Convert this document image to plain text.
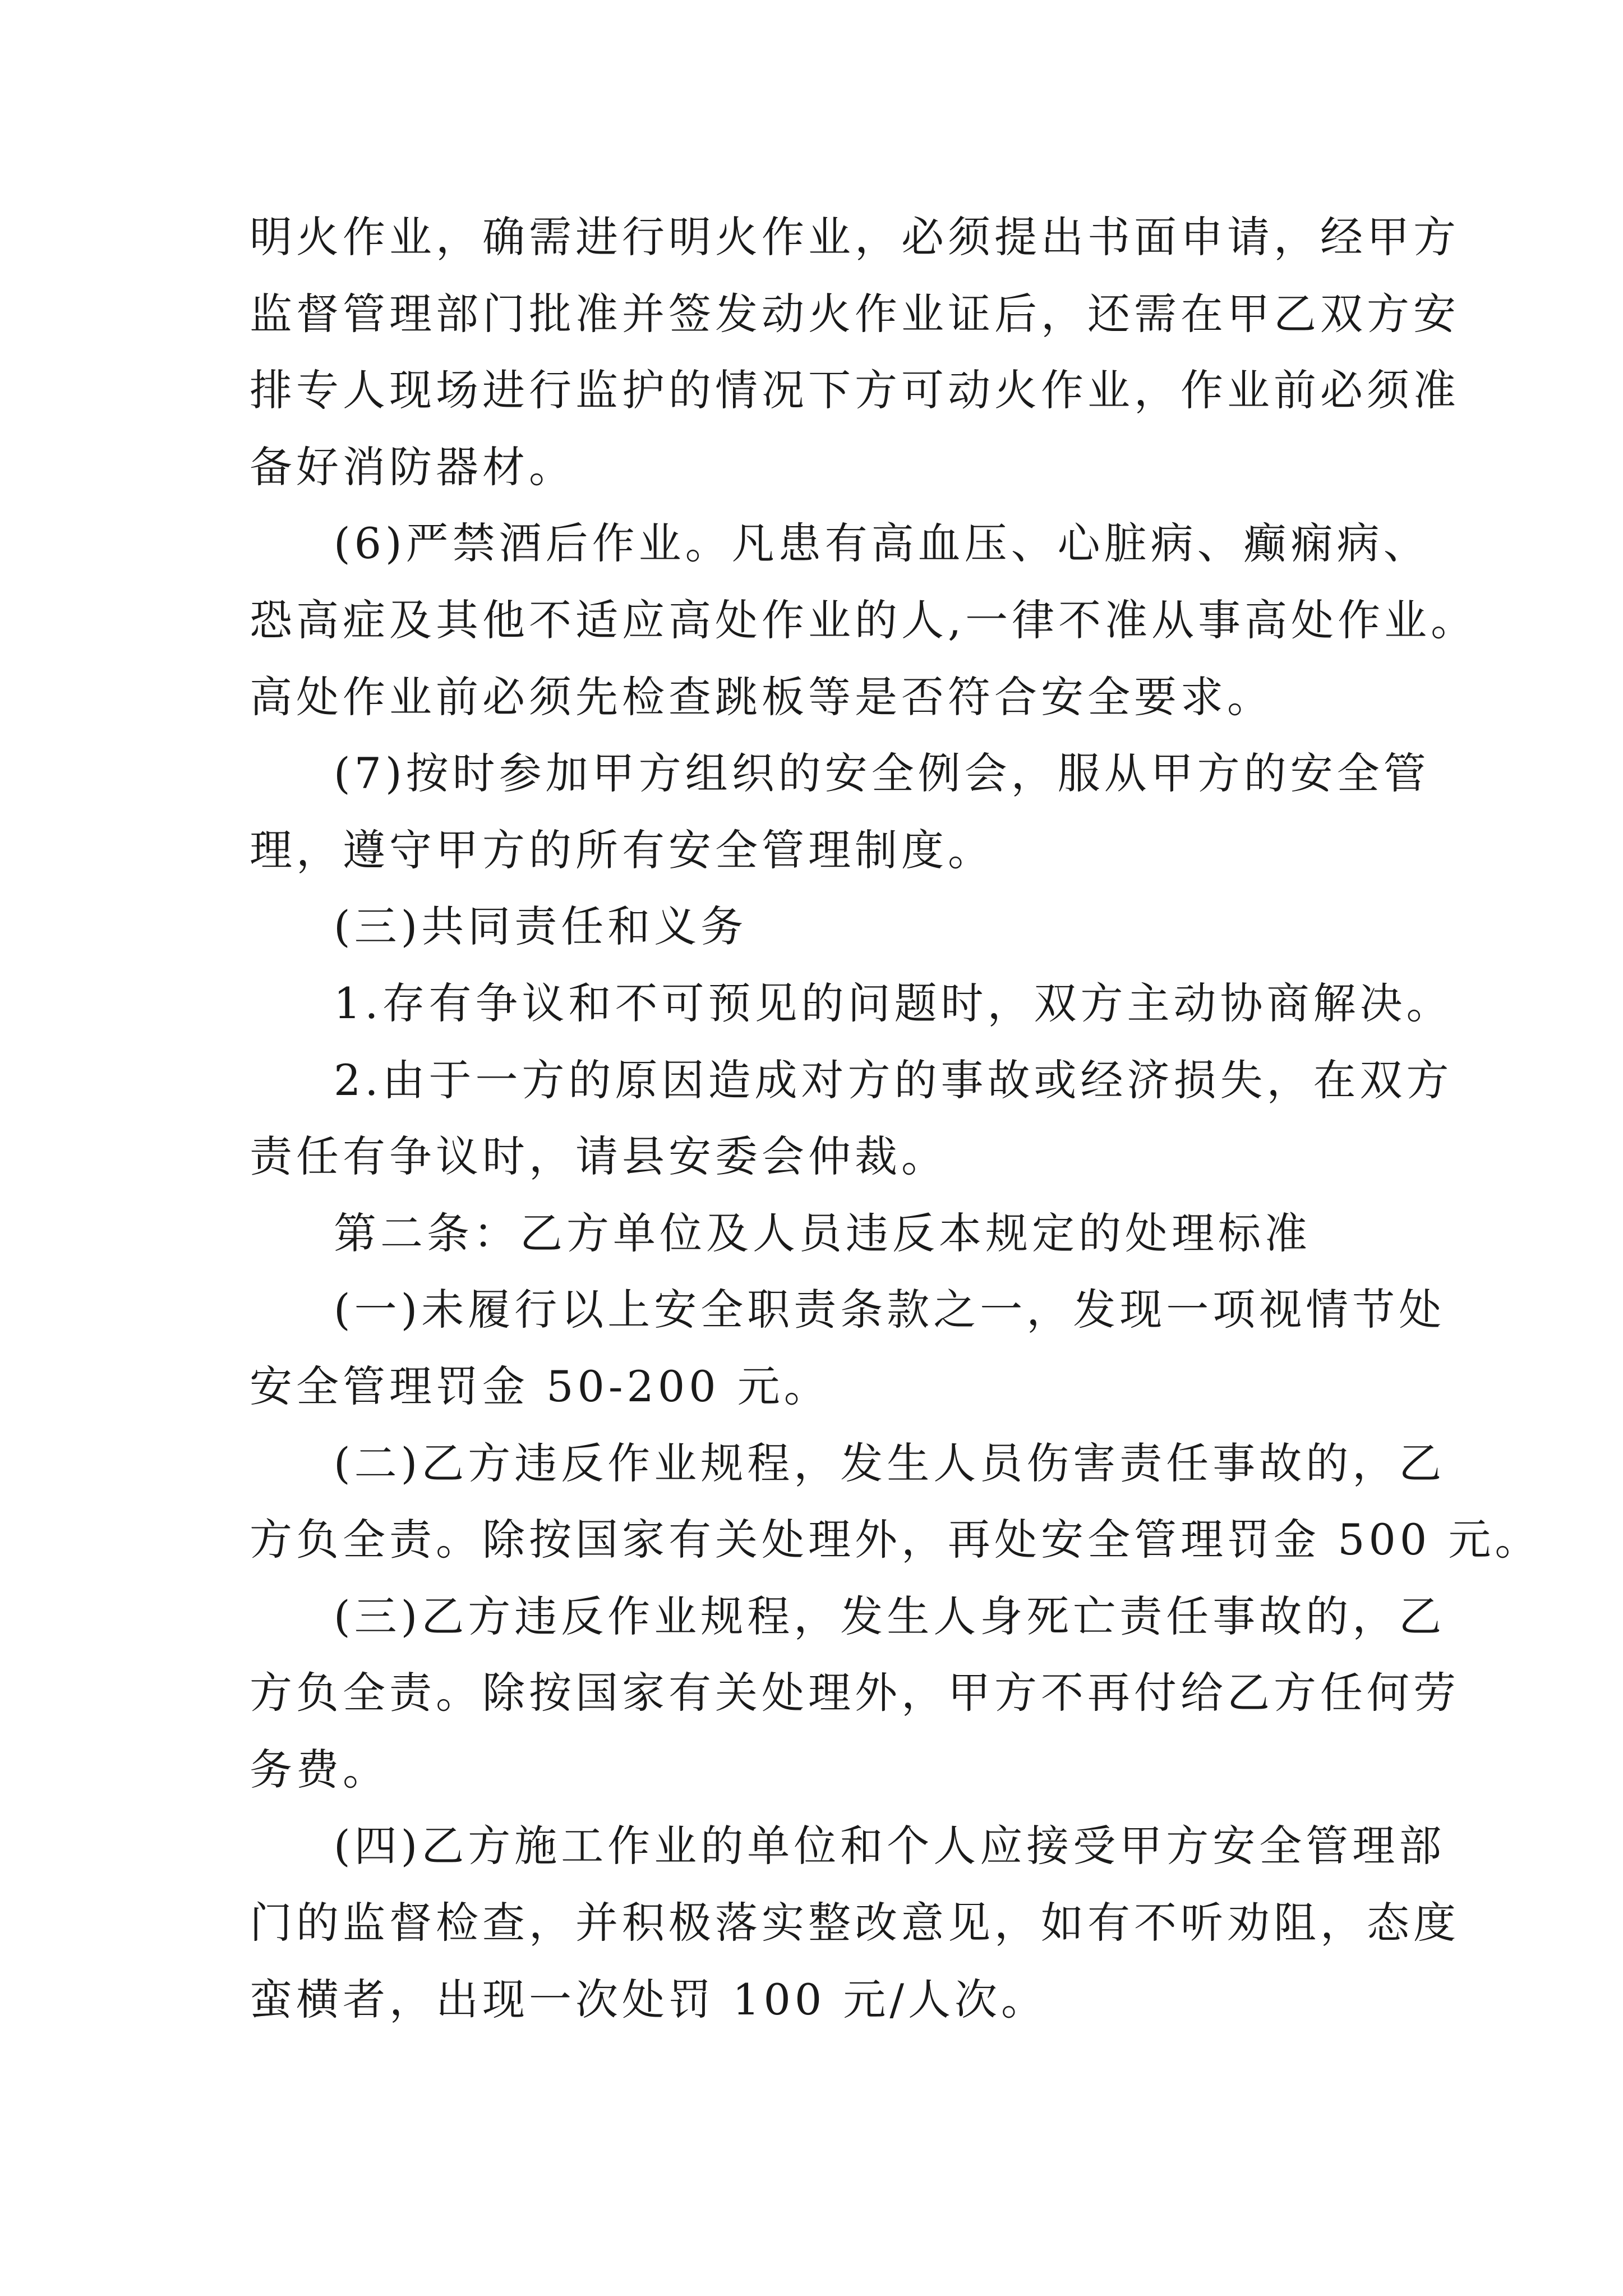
明火作业，确需进行明火作业，必须提出书面申请，经甲方
监督管理部门批准并签发动火作业证后，还需在甲乙双方安
排专人现场进行监护的情况下方可动火作业，作业前必须准
备好消防器材。
(6)严禁酒后作业。凡患有高血压、心脏病、癫痫病、
恐高症及其他不适应高处作业的人,一律不准从事高处作业。
高处作业前必须先检查跳板等是否符合安全要求。
(7)按时参加甲方组织的安全例会，服从甲方的安全管
理，遵守甲方的所有安全管理制度。
(三)共同责任和义务
1.存有争议和不可预见的问题时，双方主动协商解决。
2.由于一方的原因造成对方的事故或经济损失，在双方
责任有争议时，请县安委会仲裁。
第二条：乙方单位及人员违反本规定的处理标准
(一)未履行以上安全职责条款之一，发现一项视情节处
安全管理罚金 50-200 元。
(二)乙方违反作业规程，发生人员伤害责任事故的，乙
方负全责。除按国家有关处理外，再处安全管理罚金 500 元。
(三)乙方违反作业规程，发生人身死亡责任事故的，乙
方负全责。除按国家有关处理外，甲方不再付给乙方任何劳
务费。
(四)乙方施工作业的单位和个人应接受甲方安全管理部
门的监督检查，并积极落实整改意见，如有不听劝阻，态度
蛮横者，出现一次处罚 100 元/人次。
